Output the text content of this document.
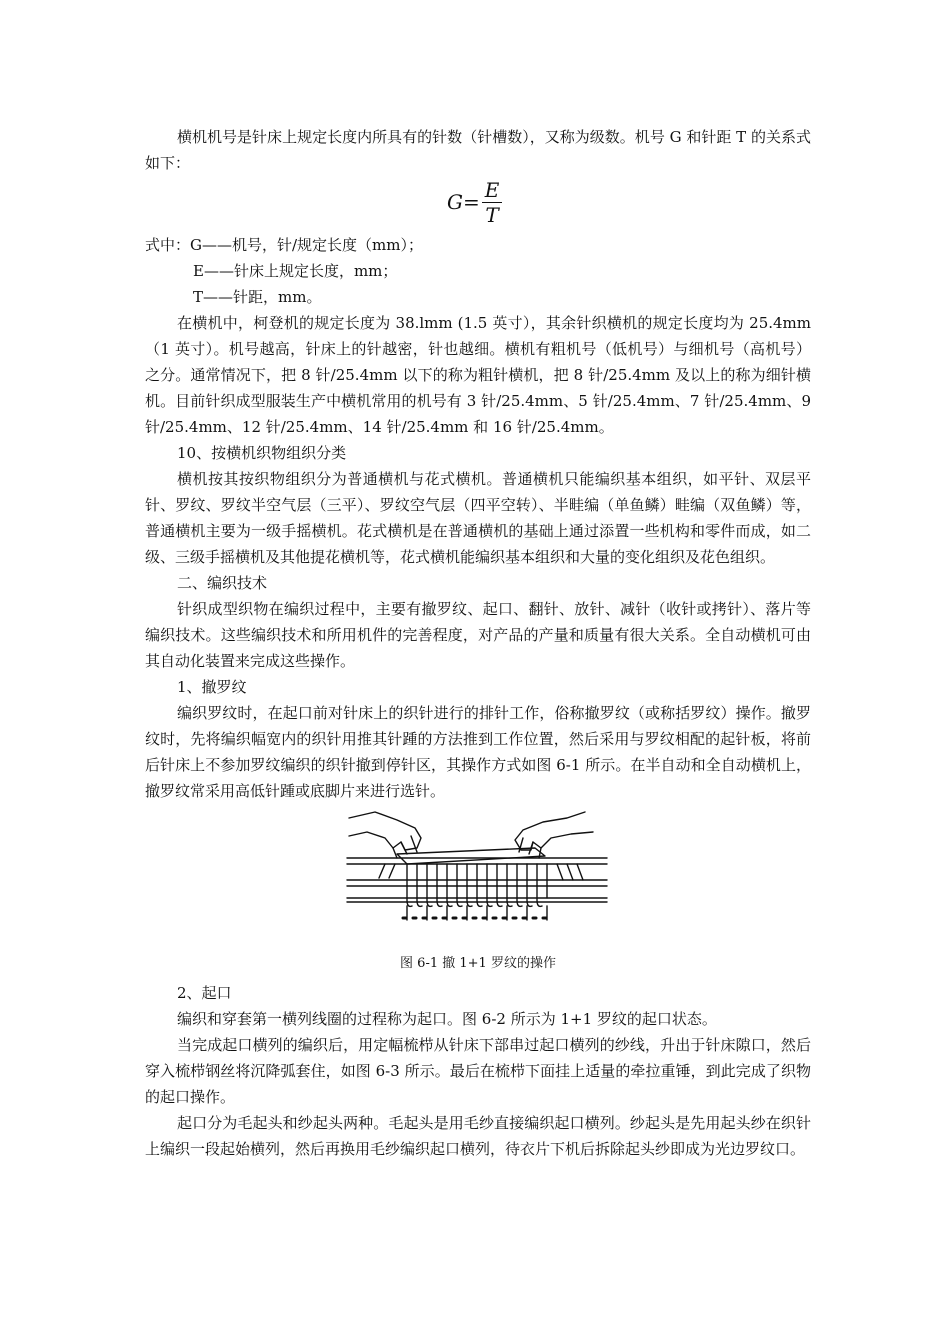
横机机号是针床上规定长度内所具有的针数（针槽数），又称为级数。机号 G 和针距 T 的关系式如下：

G= E
T

式中：G——机号，针/规定长度（mm）；

E——针床上规定长度，mm；

T——针距，mm。

在横机中，柯登机的规定长度为 38.lmm (1.5 英寸），其余针织横机的规定长度均为 25.4mm（1 英寸）。机号越高，针床上的针越密，针也越细。横机有粗机号（低机号）与细机号（高机号）之分。通常情况下，把 8 针/25.4mm 以下的称为粗针横机，把 8 针/25.4mm 及以上的称为细针横机。目前针织成型服装生产中横机常用的机号有 3 针/25.4mm、5 针/25.4mm、7 针/25.4mm、9 针/25.4mm、12 针/25.4mm、14 针/25.4mm 和 16 针/25.4mm。

10、按横机织物组织分类

横机按其按织物组织分为普通横机与花式横机。普通横机只能编织基本组织，如平针、双层平针、罗纹、罗纹半空气层（三平）、罗纹空气层（四平空转）、半畦编（单鱼鳞）畦编（双鱼鳞）等，普通横机主要为一级手摇横机。花式横机是在普通横机的基础上通过添置一些机构和零件而成，如二级、三级手摇横机及其他提花横机等，花式横机能编织基本组织和大量的变化组织及花色组织。

二、编织技术

针织成型织物在编织过程中，主要有撤罗纹、起口、翻针、放针、减针（收针或拷针）、落片等编织技术。这些编织技术和所用机件的完善程度，对产品的产量和质量有很大关系。全自动横机可由其自动化装置来完成这些操作。

1、撤罗纹

编织罗纹时，在起口前对针床上的织针进行的排针工作，俗称撤罗纹（或称括罗纹）操作。撤罗纹时，先将编织幅宽内的织针用推其针踵的方法推到工作位置，然后采用与罗纹相配的起针板，将前后针床上不参加罗纹编织的织针撤到停针区，其操作方式如图 6-1 所示。在半自动和全自动横机上，撤罗纹常采用高低针踵或底脚片来进行选针。

图 6-1 撤 1+1 罗纹的操作

2、起口

编织和穿套第一横列线圈的过程称为起口。图 6-2 所示为 1+1 罗纹的起口状态。

当完成起口横列的编织后，用定幅梳栉从针床下部串过起口横列的纱线，升出于针床隙口，然后穿入梳栉钢丝将沉降弧套住，如图 6-3 所示。最后在梳栉下面挂上适量的牵拉重锤，到此完成了织物的起口操作。

起口分为毛起头和纱起头两种。毛起头是用毛纱直接编织起口横列。纱起头是先用起头纱在织针上编织一段起始横列，然后再换用毛纱编织起口横列，待衣片下机后拆除起头纱即成为光边罗纹口。
